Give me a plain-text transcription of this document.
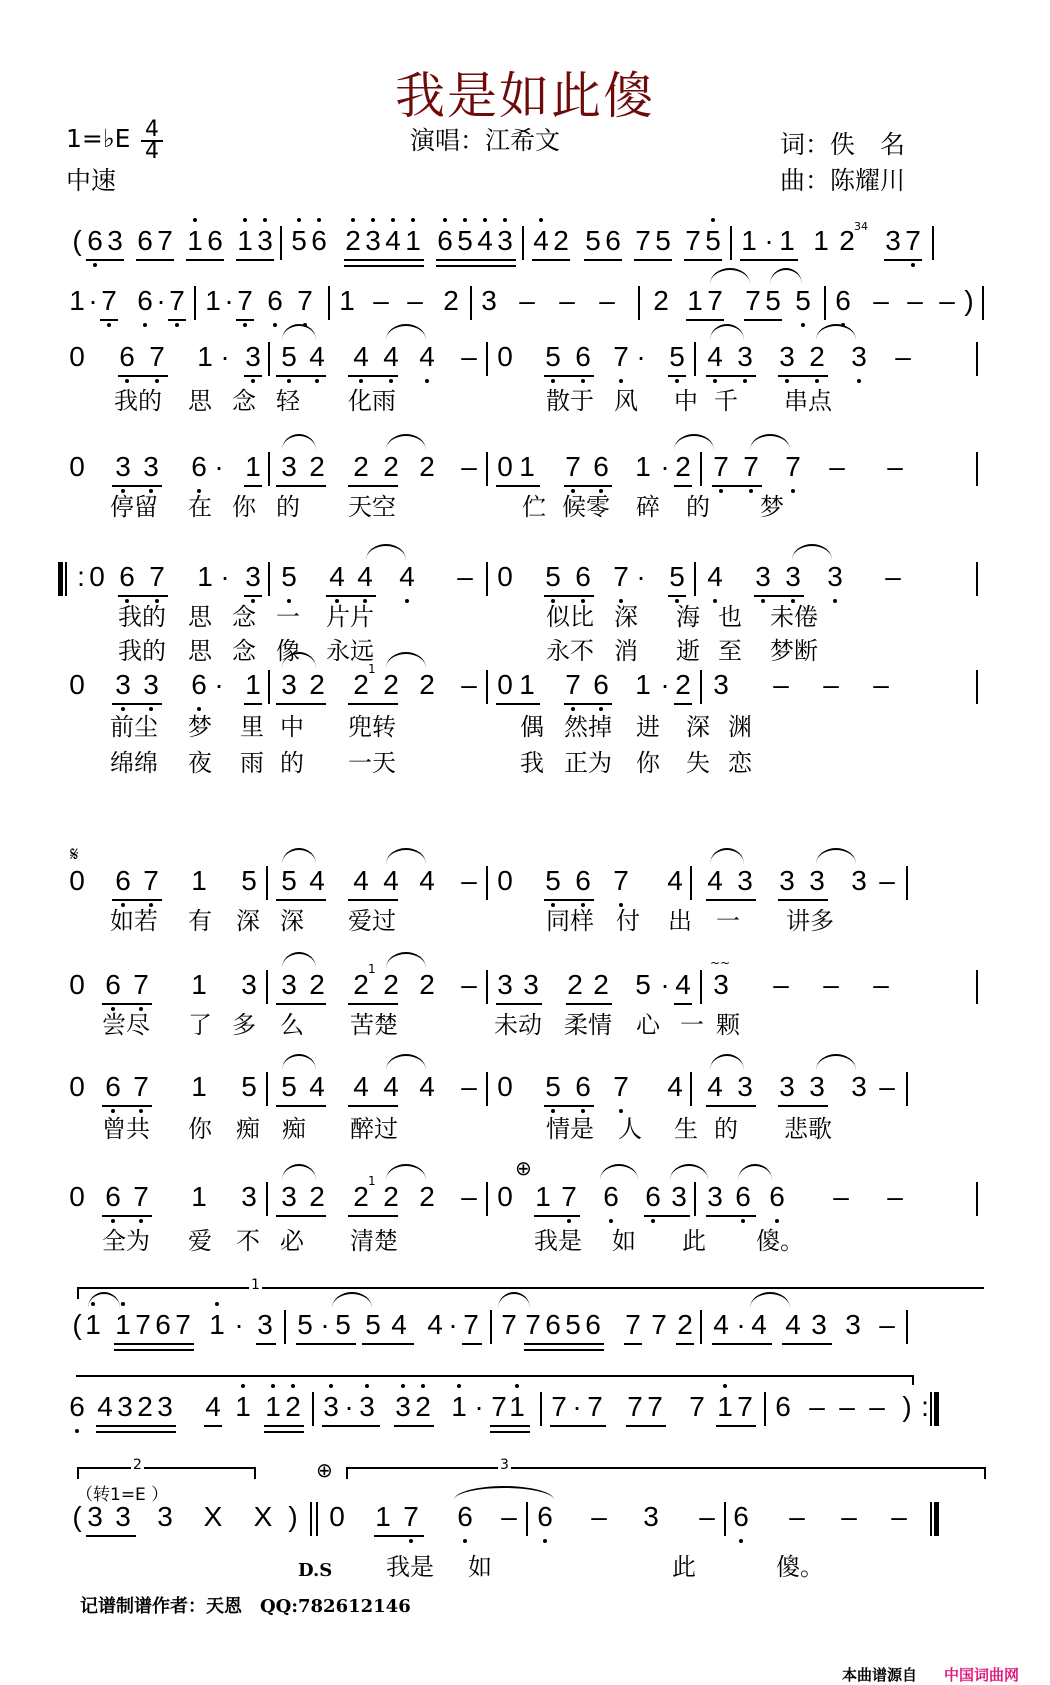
我是如此傻
1=♭E 4
4
中速
演唱：江希文	词：佚　名
曲：陈耀川
( 6 3 6 7 1 6 1 3 5 6 2 3 4 1 6 5 4 3 4 2 5 6 7 5 7 5 1 · 1 1 2 34 3 7
1 · 7 6 · 7 1 · 7 6 7 1 – – 2 3 – – – 2 1 7 7 5 5 6 – – – )
0 6 7 1 · 3 5 4 4 4 4 – 0 5 6 7 · 5 4 3 3 2 3 –
我的 思 念 轻 化雨	散于 风 中 千 串点
0 3 3 6 · 1 3 2 2 2 2 – 0 1 7 6 1 · 2 7 7 7 – –
停留 在 你 的 天空	伫 候零 碎 的 梦
: 0 6 7 1 · 3 5 4 4 4 – 0 5 6 7 · 5 4 3 3 3 –
我的 思 念 一 片片	似比 深 海 也 未倦
我的 思 念 像 永远	永不 消 逝 至 梦断
0 3 3 6 · 1 3 2 2 1 2 2 – 0 1 7 6 1 · 2 3 – – –
前尘 梦 里 中 兜转	偶 然掉 进 深 渊
绵绵 夜 雨 的 一天	我 正为 你 失 恋
𝄋
0 6 7 1 5 5 4 4 4 4 – 0 5 6 7 4 4 3 3 3 3 –
如若 有 深 深 爱过	同样 付 出 一 讲多
0 6 7 1 3 3 2 2 1 2 2 – 3 3 2 2 5 · 4
~~
3 – – –
尝尽 了 多 么 苦楚	未动 柔情 心 一 颗
0 6 7 1 5 5 4 4 4 4 – 0 5 6 7 4 4 3 3 3 3 –
曾共 你 痴 痴 醉过	情是 人 生 的 悲歌
⊕
0 6 7 1 3 3 2 2 1 2 2 – 0 1 7 6 6 3 3 6 6 – –
全为 爱 不 必 清楚	我是 如 此 傻。
1
( 1 1 7 6 7 1 · 3 5 · 5 5 4 4 · 7 7 7 6 5 6 7 7 2 4 · 4 4 3 3 –
6 4 3 2 3 4 1 1 2 3 · 3 3 2 1 · 7 1 7 · 7 7 7 7 1 7 6 – – – ) :
2	⊕	3
（转1=E ）
( 3 3 3 X X ) 0 1 7 6 – 6 – 3 – 6 – – –
D.S 我是 如	此	傻。
记谱制谱作者：天恩　QQ:782612146
本曲谱源自 中国词曲网
